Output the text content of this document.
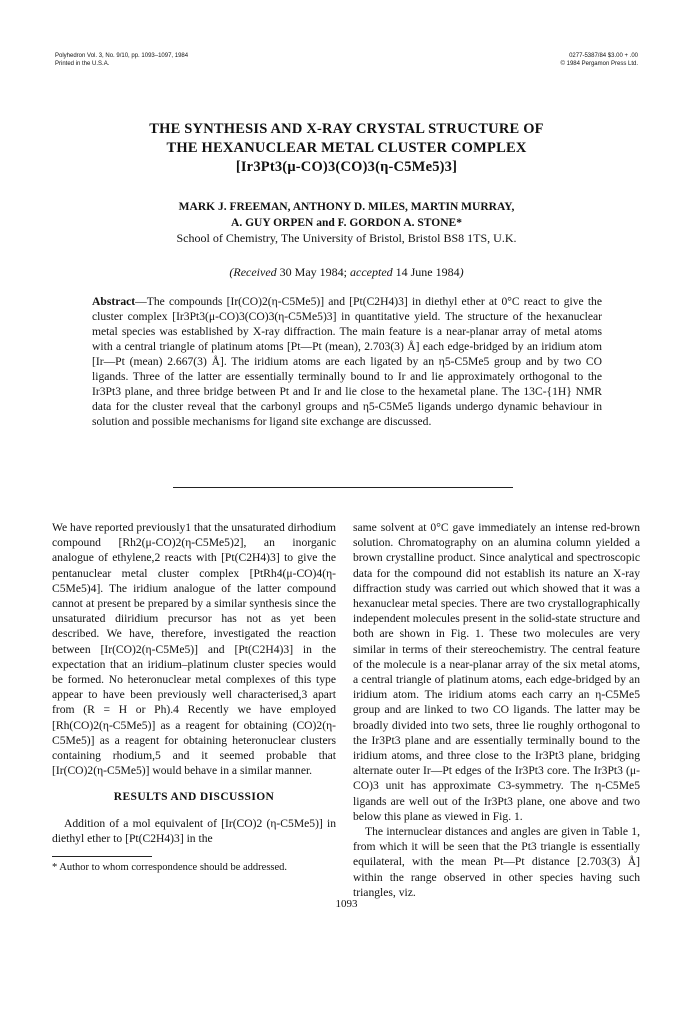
Polyhedron Vol. 3, No. 9/10, pp. 1093–1097, 1984
Printed in the U.S.A.
0277-5387/84 $3.00 + .00
© 1984 Pergamon Press Ltd.
THE SYNTHESIS AND X-RAY CRYSTAL STRUCTURE OF
THE HEXANUCLEAR METAL CLUSTER COMPLEX
[Ir3Pt3(μ-CO)3(CO)3(η-C5Me5)3]
MARK J. FREEMAN, ANTHONY D. MILES, MARTIN MURRAY,
A. GUY ORPEN and F. GORDON A. STONE*
School of Chemistry, The University of Bristol, Bristol BS8 1TS, U.K.
(Received 30 May 1984; accepted 14 June 1984)
Abstract—The compounds [Ir(CO)2(η-C5Me5)] and [Pt(C2H4)3] in diethyl ether at 0°C react to give the cluster complex [Ir3Pt3(μ-CO)3(CO)3(η-C5Me5)3] in quantitative yield. The structure of the hexanuclear metal species was established by X-ray diffraction. The main feature is a near-planar array of metal atoms with a central triangle of platinum atoms [Pt—Pt (mean), 2.703(3) Å] each edge-bridged by an iridium atom [Ir—Pt (mean) 2.667(3) Å]. The iridium atoms are each ligated by an η5-C5Me5 group and by two CO ligands. Three of the latter are essentially terminally bound to Ir and lie approximately orthogonal to the Ir3Pt3 plane, and three bridge between Pt and Ir and lie close to the hexametal plane. The 13C-{1H} NMR data for the cluster reveal that the carbonyl groups and η5-C5Me5 ligands undergo dynamic behaviour in solution and possible mechanisms for ligand site exchange are discussed.

We have reported previously1 that the unsaturated dirhodium compound [Rh2(μ-CO)2(η-C5Me5)2], an inorganic analogue of ethylene,2 reacts with [Pt(C2H4)3] to give the pentanuclear metal cluster complex [PtRh4(μ-CO)4(η-C5Me5)4]. The iridium analogue of the latter compound cannot at present be prepared by a similar synthesis since the unsaturated diiridium precursor has not as yet been described. We have, therefore, investigated the reaction between [Ir(CO)2(η-C5Me5)] and [Pt(C2H4)3] in the expectation that an iridium–platinum cluster species would be formed. No heteronuclear metal complexes of this type appear to have been previously well characterised,3 apart from (R = H or Ph).4 Recently we have employed [Rh(CO)2(η-C5Me5)] as a reagent for obtaining (CO)2(η-C5Me5)] as a reagent for obtaining heteronuclear clusters containing rhodium,5 and it seemed probable that [Ir(CO)2(η-C5Me5)] would behave in a similar manner.

RESULTS AND DISCUSSION

Addition of a mol equivalent of [Ir(CO)2 (η-C5Me5)] in diethyl ether to [Pt(C2H4)3] in the

* Author to whom correspondence should be addressed.

same solvent at 0°C gave immediately an intense red-brown solution. Chromatography on an alumina column yielded a brown crystalline product. Since analytical and spectroscopic data for the compound did not establish its nature an X-ray diffraction study was carried out which showed that it was a hexanuclear metal species. There are two crystallographically independent molecules present in the solid-state structure and both are shown in Fig. 1. These two molecules are very similar in terms of their stereochemistry. The central feature of the molecule is a near-planar array of the six metal atoms, a central triangle of platinum atoms, each edge-bridged by an iridium atom. The iridium atoms each carry an η-C5Me5 group and are linked to two CO ligands. The latter may be broadly divided into two sets, three lie roughly orthogonal to the Ir3Pt3 plane and are essentially terminally bound to the iridium atoms, and three close to the Ir3Pt3 plane, bridging alternate outer Ir—Pt edges of the Ir3Pt3 core. The Ir3Pt3 (μ-CO)3 unit has approximate C3-symmetry. The η-C5Me5 ligands are well out of the Ir3Pt3 plane, one above and two below this plane as viewed in Fig. 1.

The internuclear distances and angles are given in Table 1, from which it will be seen that the Pt3 triangle is essentially equilateral, with the mean Pt—Pt distance [2.703(3) Å] within the range observed in other species having such triangles, viz.

1093
